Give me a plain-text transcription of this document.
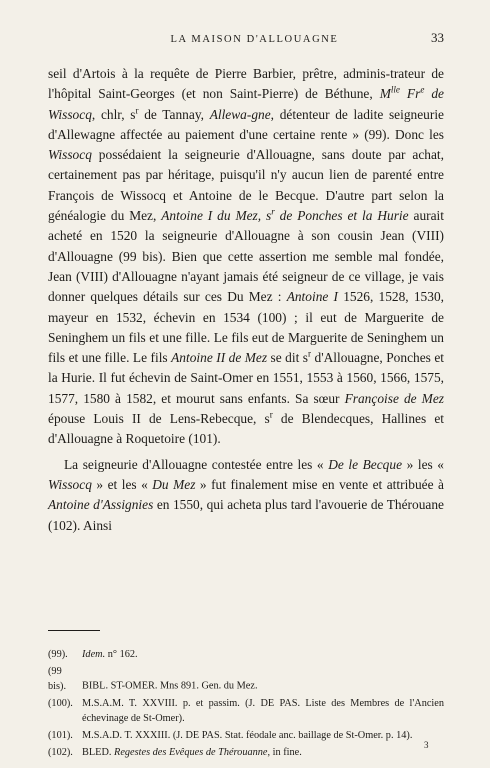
LA MAISON D'ALLOUAGNE	33

seil d'Artois à la requête de Pierre Barbier, prêtre, adminis-trateur de l'hôpital Saint-Georges (et non Saint-Pierre) de Béthune, $M^{lle}$ Fr$^e$ de Wissocq, chlr, $s^r$ de Tannay, Allewa-gne, détenteur de ladite seigneurie d'Allewagne affectée au paiement d'une certaine rente » (99). Donc les Wissocq possédaient la seigneurie d'Allouagne, sans doute par achat, certainement pas par héritage, puisqu'il n'y aucun lien de parenté entre François de Wissocq et Antoine de le Becque. D'autre part selon la généalogie du Mez, Antoine I du Mez, $s^r$ de Ponches et la Hurie aurait acheté en 1520 la seigneurie d'Allouagne à son cousin Jean (VIII) d'Allouagne (99 bis). Bien que cette assertion me semble mal fondée, Jean (VIII) d'Allouagne n'ayant jamais été seigneur de ce village, je vais donner quelques détails sur ces Du Mez : Antoine I 1526, 1528, 1530, mayeur en 1532, échevin en 1534 (100) ; il eut de Marguerite de Seninghem un fils et une fille. Le fils eut de Marguerite de Seninghem un fils et une fille. Le fils Antoine II de Mez se dit $s^r$ d'Allouagne, Ponches et la Hurie. Il fut échevin de Saint-Omer en 1551, 1553 à 1560, 1566, 1575, 1577, 1580 à 1582, et mourut sans enfants. Sa sœur Françoise de Mez épouse Louis II de Lens-Rebecque, $s^r$ de Blendecques, Hallines et d'Allouagne à Roquetoire (101).

La seigneurie d'Allouagne contestée entre les « De le Becque » les « Wissocq » et les « Du Mez » fut finalement mise en vente et attribuée à Antoine d'Assignies en 1550, qui acheta plus tard l'avouerie de Thérouane (102). Ainsi

(99). Idem. n° 162.
(99 bis). BIBL. ST-OMER. Mns 891. Gen. du Mez.
(100). M.S.A.M. T. XXVIII. p. et passim. (J. DE PAS. Liste des Membres de l'Ancien échevinage de St-Omer).
(101). M.S.A.D. T. XXXIII. (J. DE PAS. Stat. féodale anc. baillage de St-Omer. p. 14).
(102). BLED. Regestes des Evêques de Thérouanne, in fine.
3
